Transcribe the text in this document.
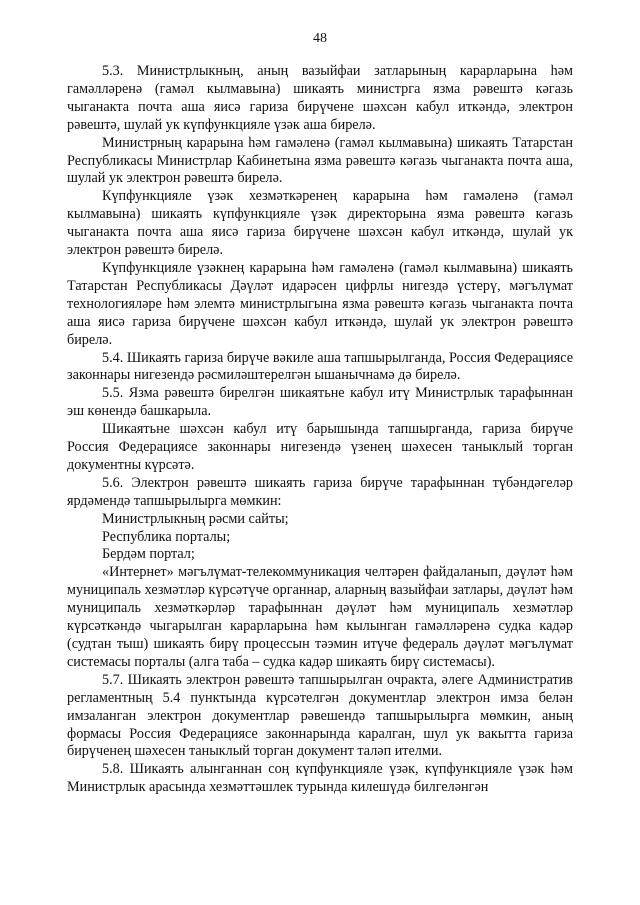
48

5.3. Министрлыкның, аның вазыйфаи затларының карарларына һәм гамәлләренә (гамәл кылмавына) шикаять министрга язма рәвештә кәгазь чыганакта почта аша яисә гариза бирүчене шәхсән кабул иткәндә, электрон рәвештә, шулай ук күпфункцияле үзәк аша бирелә.

Министрның карарына һәм гамәленә (гамәл кылмавына) шикаять Татарстан Республикасы Министрлар Кабинетына язма рәвештә кәгазь чыганакта почта аша, шулай ук электрон рәвештә бирелә.

Күпфункцияле үзәк хезмәткәренең карарына һәм гамәленә (гамәл кылмавына) шикаять күпфункцияле үзәк директорына язма рәвештә кәгазь чыганакта почта аша яисә гариза бирүчене шәхсән кабул иткәндә, шулай ук электрон рәвештә бирелә.

Күпфункцияле үзәкнең карарына һәм гамәленә (гамәл кылмавына) шикаять Татарстан Республикасы Дәүләт идарәсен цифрлы нигездә үстерү, мәгълүмат технологияләре һәм элемтә министрлыгына язма рәвештә кәгазь чыганакта почта аша яисә гариза бирүчене шәхсән кабул иткәндә, шулай ук электрон рәвештә бирелә.

5.4. Шикаять гариза бирүче вәкиле аша тапшырылганда, Россия Федерациясе законнары нигезендә рәсмиләштерелгән ышанычнамә дә бирелә.

5.5. Язма рәвештә бирелгән шикаятьне кабул итү Министрлык тарафыннан эш көнендә башкарыла.

Шикаятьне шәхсән кабул итү барышында тапшырганда, гариза бирүче Россия Федерациясе законнары нигезендә үзенең шәхесен таныклый торган документны күрсәтә.

5.6. Электрон рәвештә шикаять гариза бирүче тарафыннан түбәндәгеләр ярдәмендә тапшырылырга мөмкин:

Министрлыкның рәсми сайты;

Республика порталы;

Бердәм портал;

«Интернет» мәгълүмат-телекоммуникация челтәрен файдаланып, дәүләт һәм муниципаль хезмәтләр күрсәтүче органнар, аларның вазыйфаи затлары, дәүләт һәм муниципаль хезмәткәрләр тарафыннан дәүләт һәм муниципаль хезмәтләр күрсәткәндә чыгарылган карарларына һәм кылынган гамәлләренә судка кадәр (судтан тыш) шикаять бирү процессын тәэмин итүче федераль дәүләт мәгълүмат системасы порталы (алга таба – судка кадәр шикаять бирү системасы).

5.7. Шикаять электрон рәвештә тапшырылган очракта, әлеге Административ регламентның 5.4 пунктында күрсәтелгән документлар электрон имза белән имзаланган электрон документлар рәвешендә тапшырылырга мөмкин, аның формасы Россия Федерациясе законнарында каралган, шул ук вакытта гариза бирүченең шәхесен таныклый торган документ таләп ителми.

5.8. Шикаять алынганнан соң күпфункцияле үзәк, күпфункцияле үзәк һәм Министрлык арасында хезмәттәшлек турында килешүдә билгеләнгән
